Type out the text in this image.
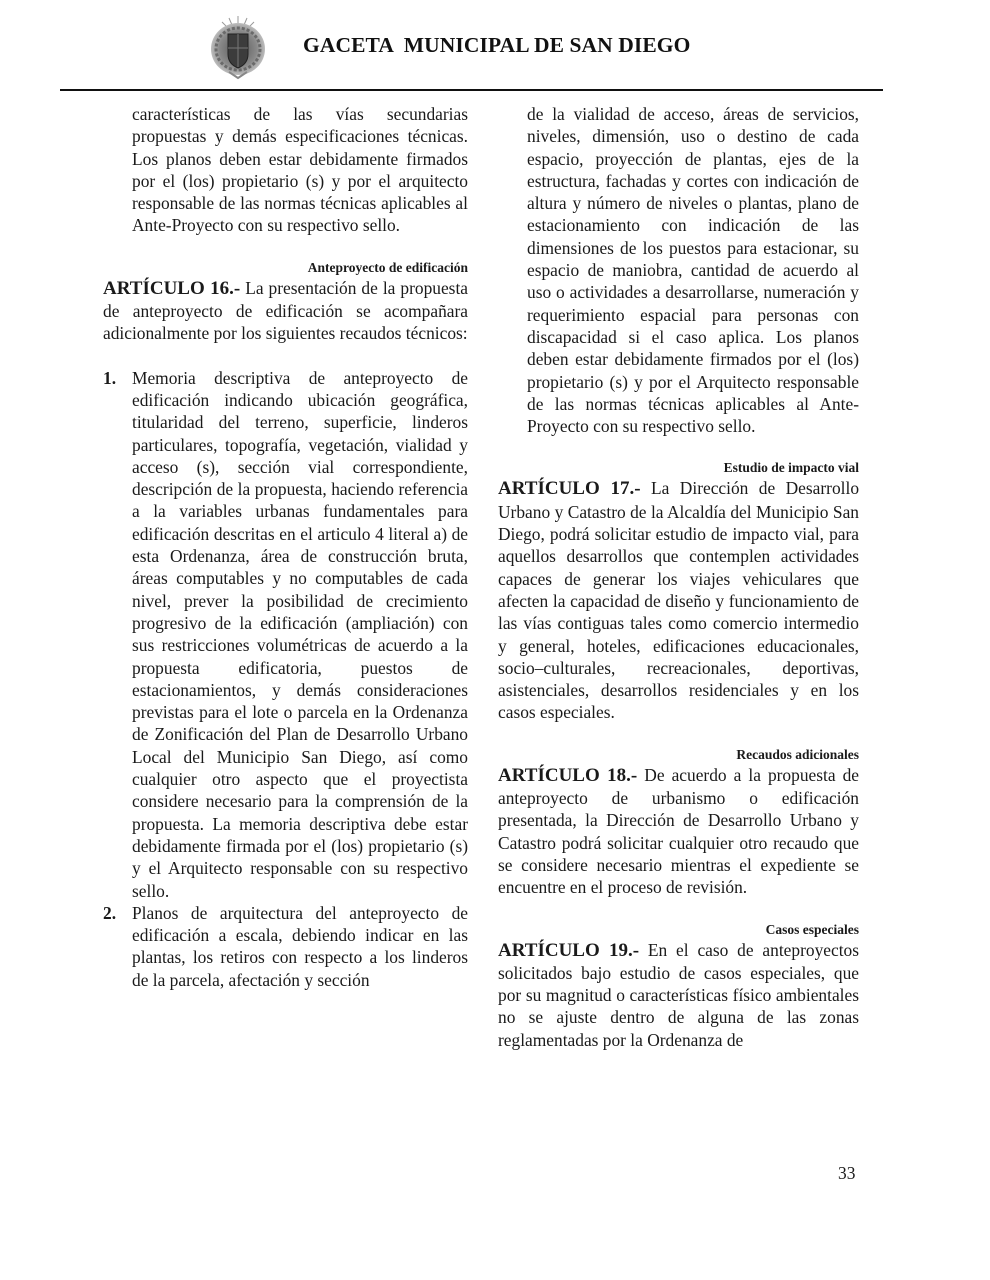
GACETA  MUNICIPAL DE SAN DIEGO

características de las vías secundarias propuestas y demás especificaciones técnicas. Los planos deben estar debidamente firmados por el (los) propietario (s) y por el arquitecto responsable de las normas técnicas aplicables al Ante-Proyecto con su respectivo sello.

Anteproyecto de edificación

ARTÍCULO 16.- La presentación de la propuesta de anteproyecto de edificación se acompañara adicionalmente por los siguientes recaudos técnicos:

1. Memoria descriptiva de anteproyecto de edificación indicando ubicación geográfica, titularidad del terreno, superficie, linderos particulares, topografía, vegetación, vialidad y acceso (s), sección vial correspondiente, descripción de la propuesta, haciendo referencia a la variables urbanas fundamentales para edificación descritas en el articulo 4 literal a) de esta Ordenanza, área de construcción bruta, áreas computables y no computables de cada nivel, prever la posibilidad de crecimiento progresivo de la edificación (ampliación) con sus restricciones volumétricas de acuerdo a la propuesta edificatoria, puestos de estacionamientos, y demás consideraciones previstas para el lote o parcela en la Ordenanza de Zonificación del Plan de Desarrollo Urbano Local del Municipio San Diego, así como cualquier otro aspecto que el proyectista considere necesario para la comprensión de la propuesta. La memoria descriptiva debe estar debidamente firmada por el (los) propietario (s) y el Arquitecto responsable con su respectivo sello.
2. Planos de arquitectura del anteproyecto de edificación a escala, debiendo indicar en las plantas, los retiros con respecto a los linderos de la parcela, afectación y sección

de la vialidad de acceso, áreas de servicios, niveles, dimensión, uso o destino de cada espacio, proyección de plantas, ejes de la estructura, fachadas y cortes con indicación de altura y número de niveles o plantas, plano de estacionamiento con indicación de las dimensiones de los puestos para estacionar, su espacio de maniobra, cantidad de acuerdo al uso o actividades a desarrollarse, numeración y requerimiento espacial para personas con discapacidad si el caso aplica. Los planos deben estar debidamente firmados por el (los) propietario (s) y por el Arquitecto responsable de las normas técnicas aplicables al Ante-Proyecto con su respectivo sello.

Estudio de impacto vial

ARTÍCULO 17.- La Dirección de Desarrollo Urbano y Catastro de la Alcaldía del Municipio San Diego, podrá solicitar estudio de impacto vial, para aquellos desarrollos que contemplen actividades capaces de generar los viajes vehiculares que afecten la capacidad de diseño y funcionamiento de las vías contiguas tales como comercio intermedio y general, hoteles, edificaciones educacionales, socio–culturales, recreacionales, deportivas, asistenciales, desarrollos residenciales y en los casos especiales.

Recaudos adicionales

ARTÍCULO 18.- De acuerdo a la propuesta de anteproyecto de urbanismo o edificación presentada, la Dirección de Desarrollo Urbano y Catastro podrá solicitar cualquier otro recaudo que se considere necesario mientras el expediente se encuentre en el proceso de revisión.

Casos especiales

ARTÍCULO 19.- En el caso de anteproyectos solicitados bajo estudio de casos especiales, que por su magnitud o características físico ambientales no se ajuste dentro de alguna de las zonas reglamentadas por la Ordenanza de

33
